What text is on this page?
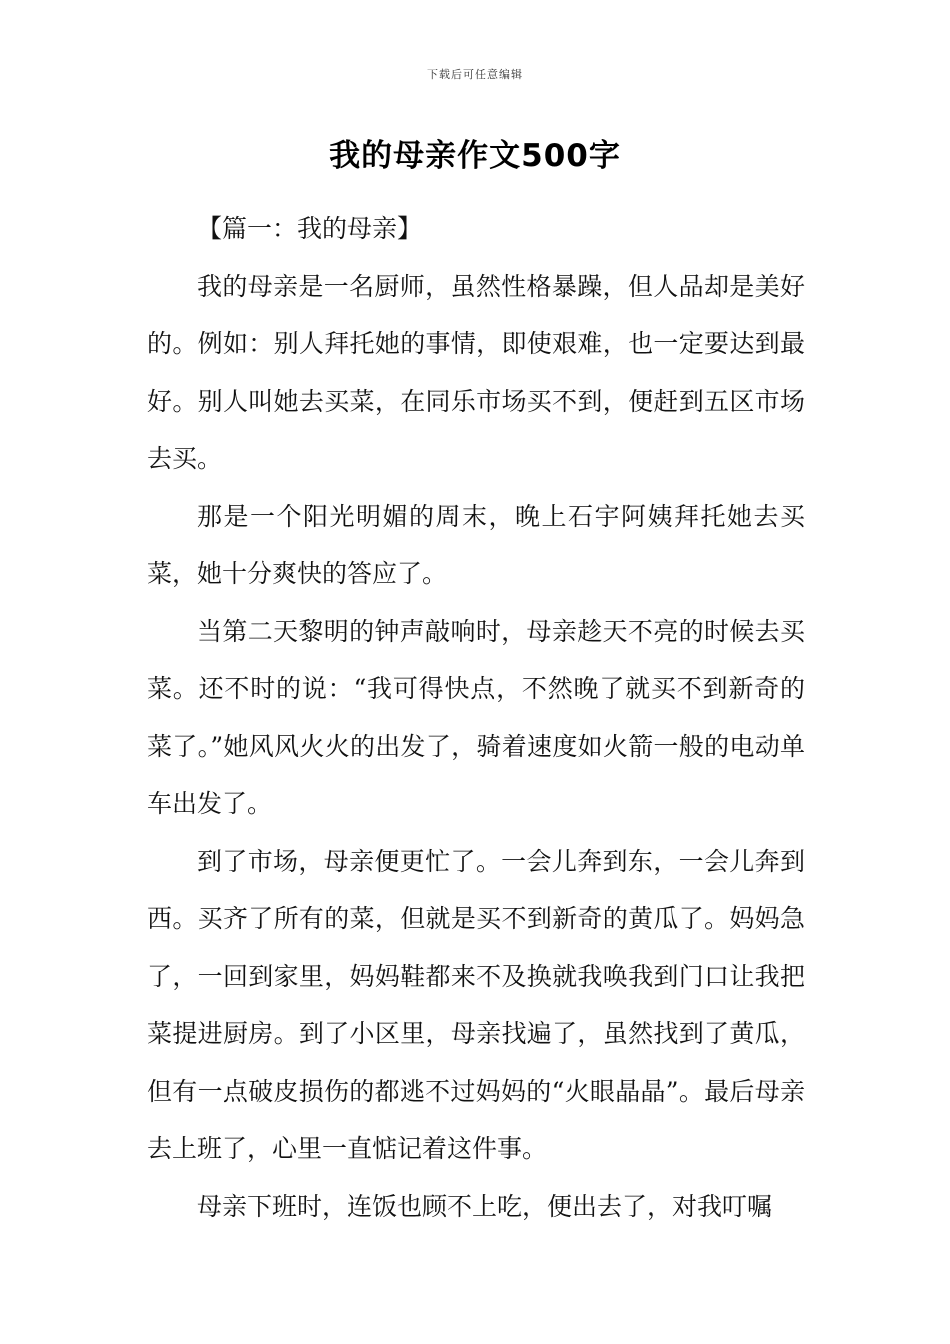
下载后可任意编辑
我的母亲作文500字

【篇一：我的母亲】

我的母亲是一名厨师，虽然性格暴躁，但人品却是美好的。例如：别人拜托她的事情，即使艰难，也一定要达到最好。别人叫她去买菜，在同乐市场买不到，便赶到五区市场去买。

那是一个阳光明媚的周末，晚上石宇阿姨拜托她去买菜，她十分爽快的答应了。

当第二天黎明的钟声敲响时，母亲趁天不亮的时候去买菜。还不时的说：“我可得快点，不然晚了就买不到新奇的菜了。”她风风火火的出发了，骑着速度如火箭一般的电动单车出发了。

到了市场，母亲便更忙了。一会儿奔到东，一会儿奔到西。买齐了所有的菜，但就是买不到新奇的黄瓜了。妈妈急了，一回到家里，妈妈鞋都来不及换就我唤我到门口让我把菜提进厨房。到了小区里，母亲找遍了，虽然找到了黄瓜，但有一点破皮损伤的都逃不过妈妈的“火眼晶晶”。最后母亲去上班了，心里一直惦记着这件事。

母亲下班时，连饭也顾不上吃，便出去了，对我叮嘱
